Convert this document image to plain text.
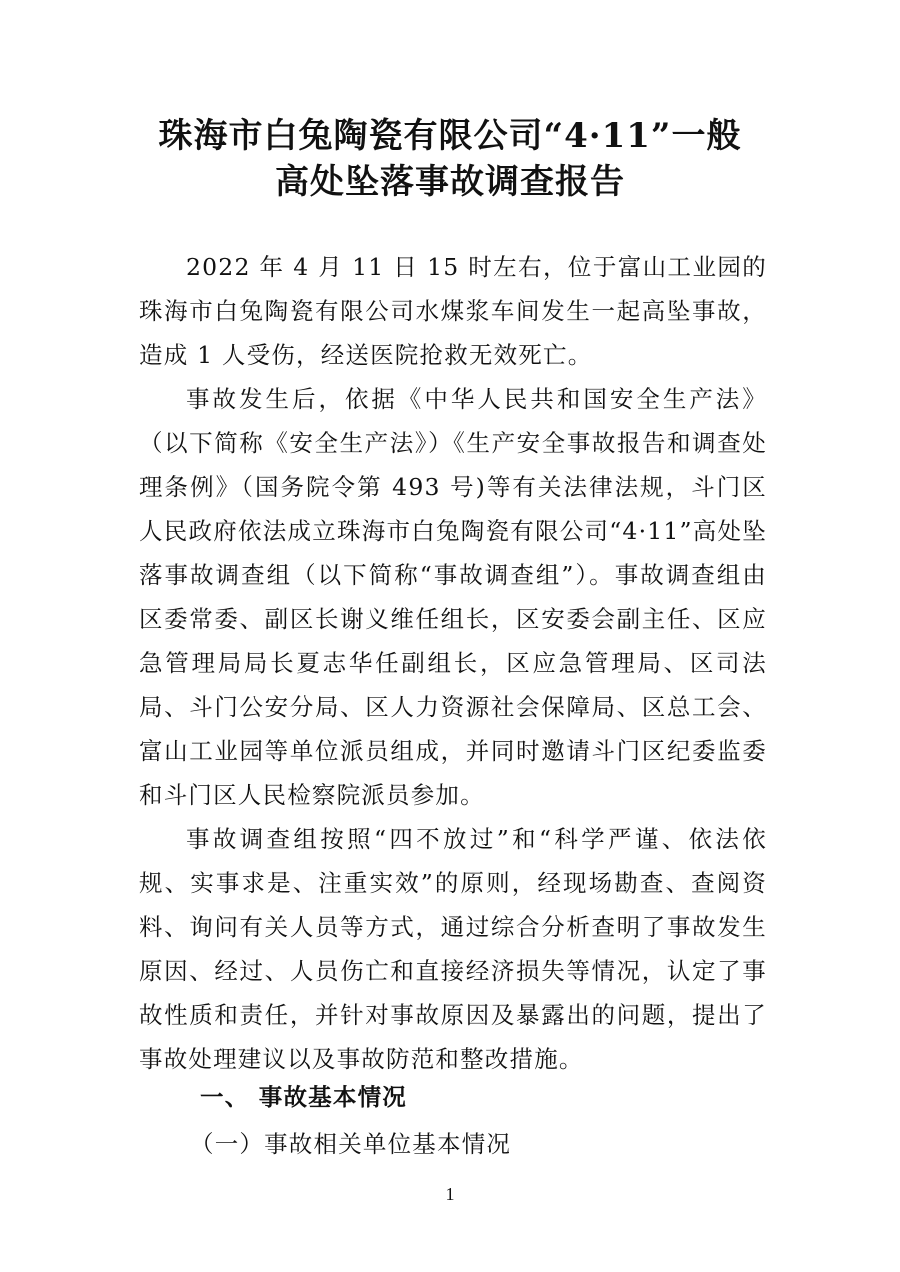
珠海市白兔陶瓷有限公司“4·11”一般
高处坠落事故调查报告

2022 年 4 月 11 日 15 时左右，位于富山工业园的珠海市白兔陶瓷有限公司水煤浆车间发生一起高坠事故，造成 1 人受伤，经送医院抢救无效死亡。

事故发生后，依据《中华人民共和国安全生产法》（以下简称《安全生产法》）《生产安全事故报告和调查处理条例》（国务院令第 493 号)等有关法律法规，斗门区人民政府依法成立珠海市白兔陶瓷有限公司“4·11”高处坠落事故调查组（以下简称“事故调查组”）。事故调查组由区委常委、副区长谢义维任组长，区安委会副主任、区应急管理局局长夏志华任副组长，区应急管理局、区司法局、斗门公安分局、区人力资源社会保障局、区总工会、富山工业园等单位派员组成，并同时邀请斗门区纪委监委和斗门区人民检察院派员参加。

事故调查组按照“四不放过”和“科学严谨、依法依规、实事求是、注重实效”的原则，经现场勘查、查阅资料、询问有关人员等方式，通过综合分析查明了事故发生原因、经过、人员伤亡和直接经济损失等情况，认定了事故性质和责任，并针对事故原因及暴露出的问题，提出了事故处理建议以及事故防范和整改措施。

一、 事故基本情况
（一）事故相关单位基本情况
1
